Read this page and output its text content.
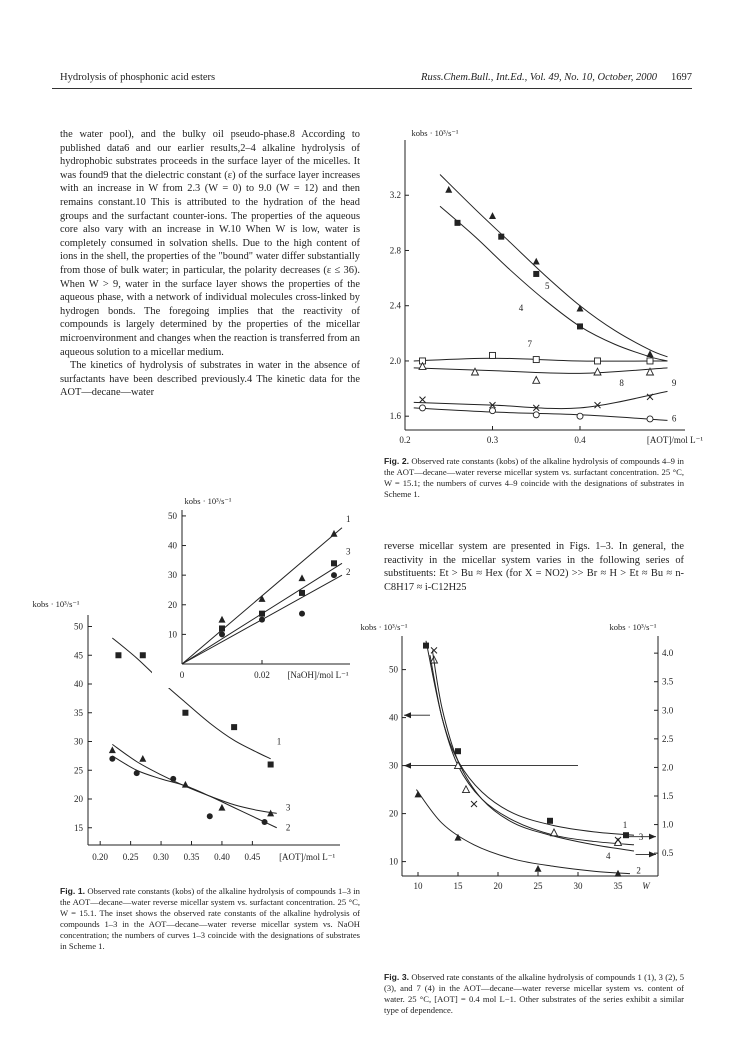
Hydrolysis of phosphonic acid esters	Russ.Chem.Bull., Int.Ed., Vol. 49, No. 10, October, 2000 1697

the water pool), and the bulky oil pseudo-phase.8 According to published data6 and our earlier results,2–4 alkaline hydrolysis of hydrophobic substrates proceeds in the surface layer of the micelles. It was found9 that the dielectric constant (ε) of the surface layer increases with an increase in W from 2.3 (W = 0) to 9.0 (W = 12) and then remains constant.10 This is attributed to the hydration of the head groups and the surfactant counter-ions. The properties of the aqueous core also vary with an increase in W.10 When W is low, water is completely consumed in solvation shells. Due to the high content of ions in the shell, the properties of the "bound" water differ substantially from those of bulk water; in particular, the polarity decreases (ε ≤ 36). When W > 9, water in the surface layer shows the properties of the aqueous phase, with a network of individual molecules cross-linked by hydrogen bonds. The foregoing implies that the reactivity of compounds is largely determined by the properties of the micellar microenvironment and changes when the reaction is transferred from an aqueous solution to a micellar medium.

The kinetics of hydrolysis of substrates in water in the absence of surfactants have been described previously.4 The kinetic data for the AOT—decane—water

reverse micellar system are presented in Figs. 1–3. In general, the reactivity in the micellar system varies in the following series of substituents: Et > Bu ≈ Hex (for X = NO2) >> Br ≈ H > Et ≈ Bu ≈ n-C8H17 ≈ i-C12H25

15
20
25
30
35
40
45
50
0.20 0.25 0.30 0.35 0.40 0.45 [AOT]/mol L⁻¹
kobs · 10³/s⁻¹
1
3
2
10
20
30
40
50
0	0.02 [NaOH]/mol L⁻¹
kobs · 10³/s⁻¹
1
3
2
1.6
2.0
2.4
2.8
3.2
0.2	0.3	0.4	[AOT]/mol L⁻¹
kobs · 10³/s⁻¹
5
4
7
8	9
6
10
20
30
40
50
4.0
3.5
3.0
2.5
2.0
1.5
1.0
0.5
10	15	20	25	30	35 W
kobs · 10³/s⁻¹	kobs · 10³/s⁻¹
1
3
4
2
Fig. 1. Observed rate constants (kobs) of the alkaline hydrolysis of compounds 1–3 in the AOT—decane—water reverse micellar system vs. surfactant concentration. 25 °C, W = 15.1. The inset shows the observed rate constants of the alkaline hydrolysis of compounds 1–3 in the AOT—decane—water reverse micellar system vs. NaOH concentration; the numbers of curves 1–3 coincide with the designations of substrates in Scheme 1.
Fig. 2. Observed rate constants (kobs) of the alkaline hydrolysis of compounds 4–9 in the AOT—decane—water reverse micellar system vs. surfactant concentration. 25 °C, W = 15.1; the numbers of curves 4–9 coincide with the designations of substrates in Scheme 1.
Fig. 3. Observed rate constants of the alkaline hydrolysis of compounds 1 (1), 3 (2), 5 (3), and 7 (4) in the AOT—decane—water reverse micellar system vs. content of water. 25 °C, [AOT] = 0.4 mol L−1. Other substrates of the series exhibit a similar type of dependence.
